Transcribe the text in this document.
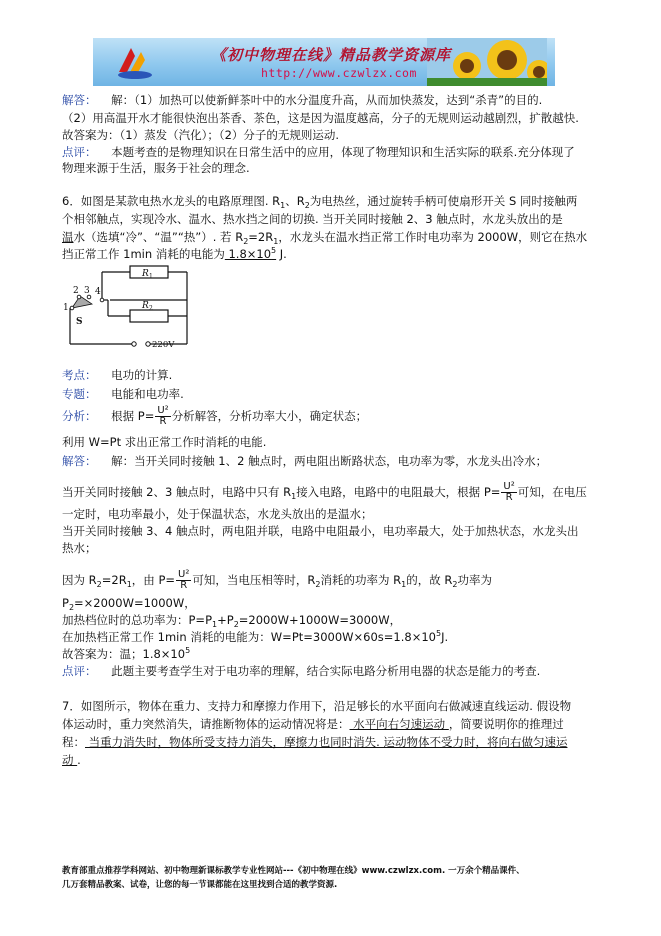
《初中物理在线》精品教学资源库
http://www.czwlzx.com
解答： 解：（1）加热可以使新鲜茶叶中的水分温度升高，从而加快蒸发，达到“杀青”的目的.
（2）用高温开水才能很快泡出茶香、茶色，这是因为温度越高，分子的无规则运动越剧烈，扩散越快.
故答案为：（1）蒸发（汽化）；（2）分子的无规则运动.
点评： 本题考查的是物理知识在日常生活中的应用，体现了物理知识和生活实际的联系.充分体现了
物理来源于生活，服务于社会的理念.
6．如图是某款电热水龙头的电路原理图. $R_1$、$R_2$为电热丝，通过旋转手柄可使扇形开关 S 同时接触两
个相邻触点，实现冷水、温水、热水挡之间的切换. 当开关同时接触 2、3 触点时，水龙头放出的是
温水（选填“冷”、“温”“热”）. 若 $R_2=2R_1$，水龙头在温水挡正常工作时电功率为 2000W，则它在热水
挡正常工作 1min 消耗的电能为 $1.8\times 10^5$ J.
1
2 3 4
S
R 1
R 2
220V
考点： 电功的计算.
专题： 电能和电功率.
分析： 根据 $P= \frac{\text{U²}}{R}$ 分析解答，分析功率大小，确定状态；
利用 W=Pt 求出正常工作时消耗的电能.
解答： 解：当开关同时接触 1、2 触点时，两电阻出断路状态，电功率为零，水龙头出冷水；
当开关同时接触 2、3 触点时，电路中只有 $R_1$接入电路，电路中的电阻最大，根据 $P= \frac{\text{U²}}{R}$ 可知，在电压
一定时，电功率最小，处于保温状态，水龙头放出的是温水；
当开关同时接触 3、4 触点时，两电阻并联，电路中电阻最小，电功率最大，处于加热状态，水龙头出
热水；
因为 $R_2=2R_1$，由 $P= \frac{\text{U²}}{R}$ 可知，当电压相等时，$R_2$消耗的功率为 $R_1$的，故 $R_2$功率为
$P_2=\times 2000W=1000W$，
加热档位时的总功率为：$P=P_1+P_2=2000W+1000W=3000W$，
在加热档正常工作 1min 消耗的电能为：$W=Pt=3000W\times 60s=1.8\times 10^5J$.
故答案为：温；$1.8\times 10^5$
点评： 此题主要考查学生对于电功率的理解，结合实际电路分析用电器的状态是能力的考查.
7．如图所示，物体在重力、支持力和摩擦力作用下，沿足够长的水平面向右做减速直线运动. 假设物
体运动时，重力突然消失，请推断物体的运动情况将是： 水平向右匀速运动 ，简要说明你的推理过
程： 当重力消失时，物体所受支持力消失，摩擦力也同时消失. 运动物体不受力时，将向右做匀速运
动 .
教育部重点推荐学科网站、初中物理新课标教学专业性网站---《初中物理在线》www.czwlzx.com. 一万余个精品课件、
几万套精品教案、试卷，让您的每一节课都能在这里找到合适的教学资源.
